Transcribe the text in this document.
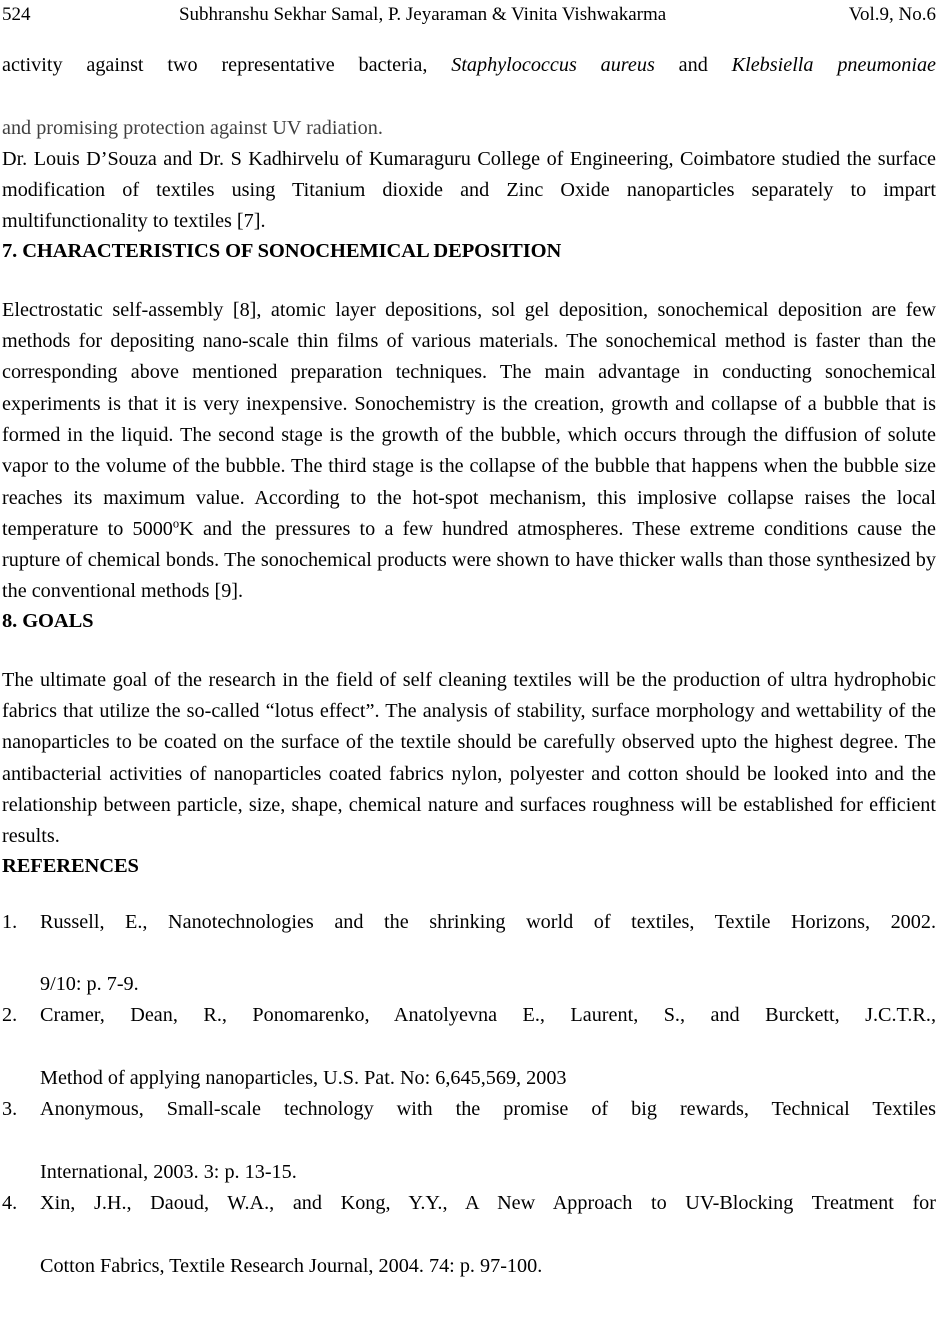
524	Subhranshu Sekhar Samal, P. Jeyaraman & Vinita Vishwakarma	Vol.9, No.6

activity against two representative bacteria, Staphylococcus aureus and Klebsiella pneumoniae

and promising protection against UV radiation.

Dr. Louis D’Souza and Dr. S Kadhirvelu of Kumaraguru College of Engineering, Coimbatore studied the surface modification of textiles using Titanium dioxide and Zinc Oxide nanoparticles separately to impart multifunctionality to textiles [7].

7. CHARACTERISTICS OF SONOCHEMICAL DEPOSITION

Electrostatic self-assembly [8], atomic layer depositions, sol gel deposition, sonochemical deposition are few methods for depositing nano-scale thin films of various materials. The sonochemical method is faster than the corresponding above mentioned preparation techniques. The main advantage in conducting sonochemical experiments is that it is very inexpensive. Sonochemistry is the creation, growth and collapse of a bubble that is formed in the liquid. The second stage is the growth of the bubble, which occurs through the diffusion of solute vapor to the volume of the bubble. The third stage is the collapse of the bubble that happens when the bubble size reaches its maximum value. According to the hot-spot mechanism, this implosive collapse raises the local temperature to 5000$^o$K and the pressures to a few hundred atmospheres. These extreme conditions cause the rupture of chemical bonds. The sonochemical products were shown to have thicker walls than those synthesized by the conventional methods [9].

8. GOALS

The ultimate goal of the research in the field of self cleaning textiles will be the production of ultra hydrophobic fabrics that utilize the so-called “lotus effect”. The analysis of stability, surface morphology and wettability of the nanoparticles to be coated on the surface of the textile should be carefully observed upto the highest degree. The antibacterial activities of nanoparticles coated fabrics nylon, polyester and cotton should be looked into and the relationship between particle, size, shape, chemical nature and surfaces roughness will be established for efficient results.

REFERENCES
1.	Russell, E., Nanotechnologies and the shrinking world of textiles, Textile Horizons, 2002.
9/10: p. 7-9.
2.	Cramer, Dean, R., Ponomarenko, Anatolyevna E., Laurent, S., and Burckett, J.C.T.R.,
Method of applying nanoparticles, U.S. Pat. No: 6,645,569, 2003
3.	Anonymous, Small-scale technology with the promise of big rewards, Technical Textiles
International, 2003. 3: p. 13-15.
4.	Xin, J.H., Daoud, W.A., and Kong, Y.Y., A New Approach to UV-Blocking Treatment for
Cotton Fabrics, Textile Research Journal, 2004. 74: p. 97-100.
